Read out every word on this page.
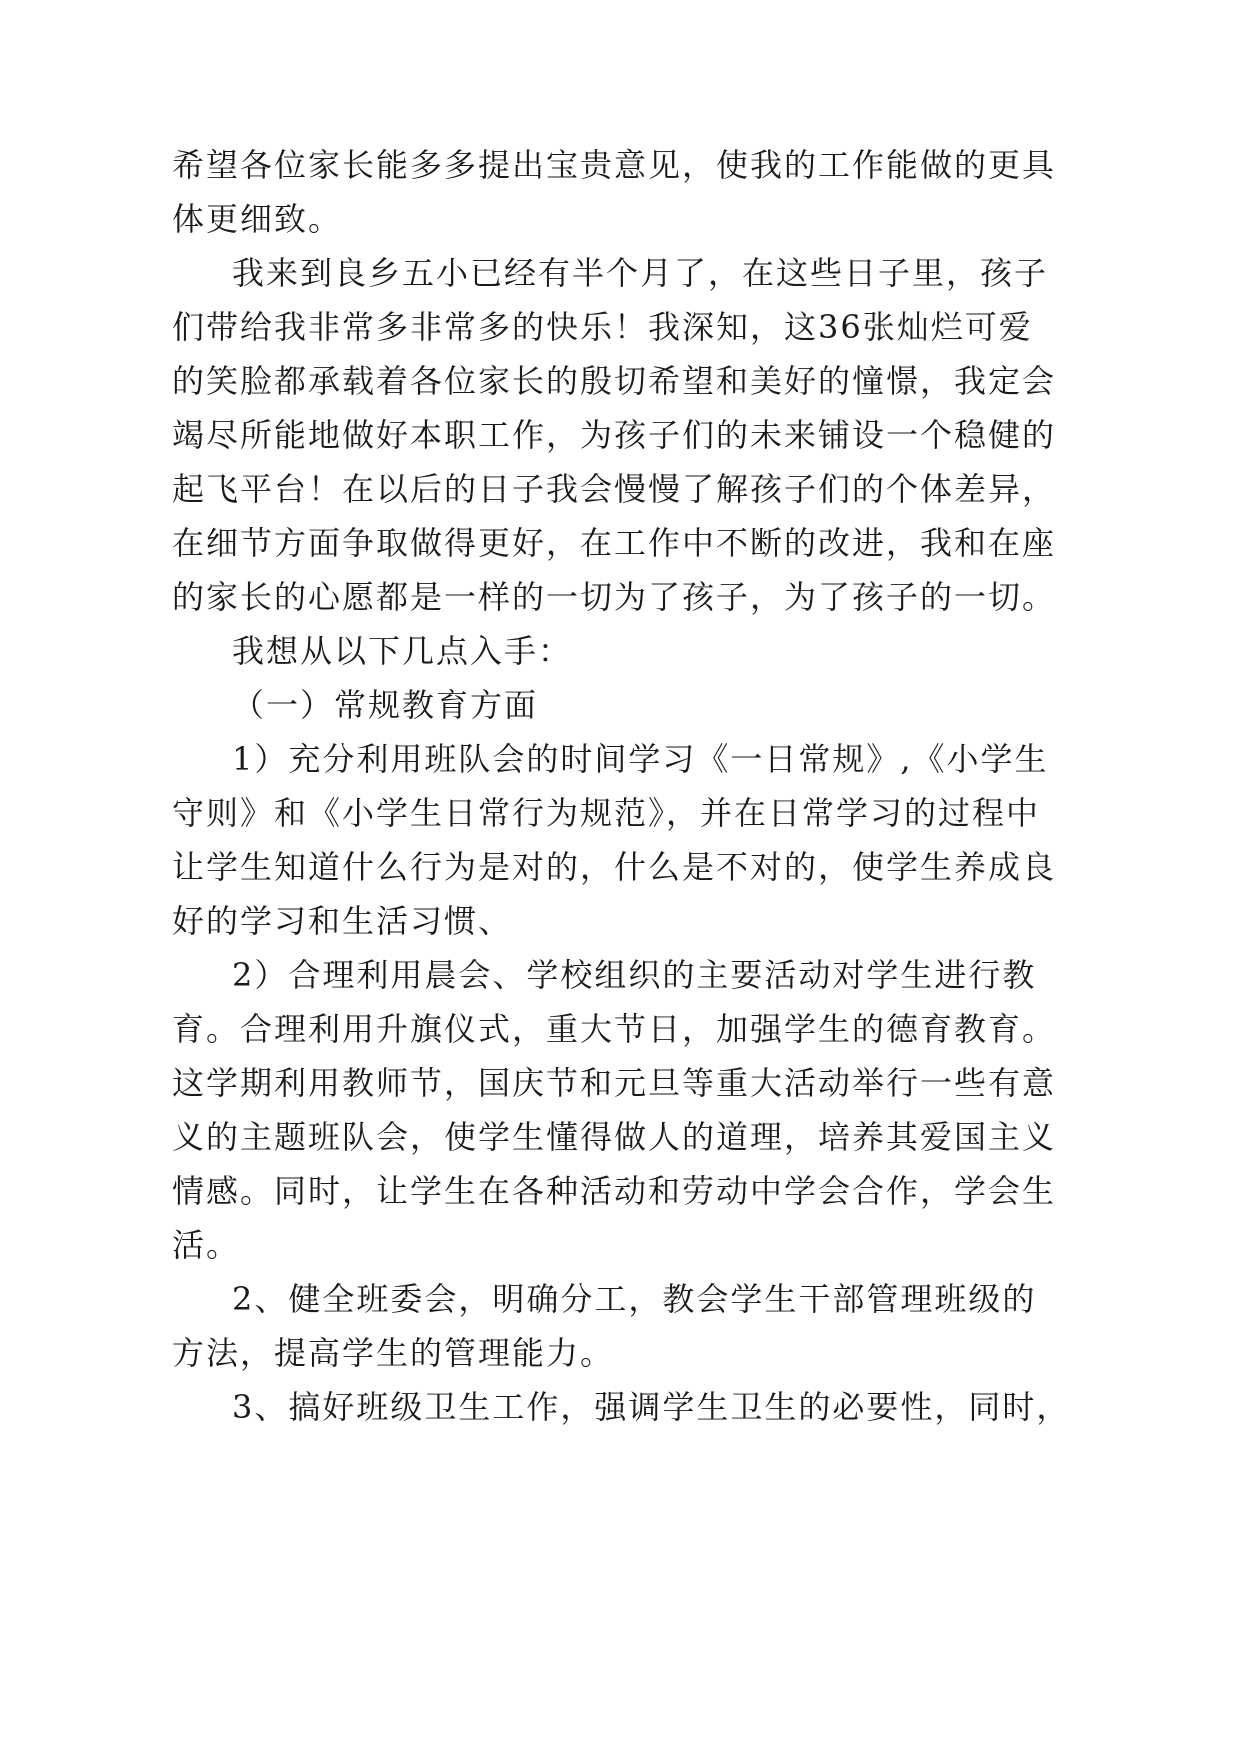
希望各位家长能多多提出宝贵意见，使我的工作能做的更具
体更细致。
我来到良乡五小已经有半个月了，在这些日子里，孩子
们带给我非常多非常多的快乐！我深知，这36张灿烂可爱
的笑脸都承载着各位家长的殷切希望和美好的憧憬，我定会
竭尽所能地做好本职工作，为孩子们的未来铺设一个稳健的
起飞平台！在以后的日子我会慢慢了解孩子们的个体差异，
在细节方面争取做得更好，在工作中不断的改进，我和在座
的家长的心愿都是一样的一切为了孩子，为了孩子的一切。
我想从以下几点入手：
（一）常规教育方面
1）充分利用班队会的时间学习《一日常规》,《小学生
守则》和《小学生日常行为规范》，并在日常学习的过程中
让学生知道什么行为是对的，什么是不对的，使学生养成良
好的学习和生活习惯、
2）合理利用晨会、学校组织的主要活动对学生进行教
育。合理利用升旗仪式，重大节日，加强学生的德育教育。
这学期利用教师节，国庆节和元旦等重大活动举行一些有意
义的主题班队会，使学生懂得做人的道理，培养其爱国主义
情感。同时，让学生在各种活动和劳动中学会合作，学会生
活。
2、健全班委会，明确分工，教会学生干部管理班级的
方法，提高学生的管理能力。
3、搞好班级卫生工作，强调学生卫生的必要性，同时，
